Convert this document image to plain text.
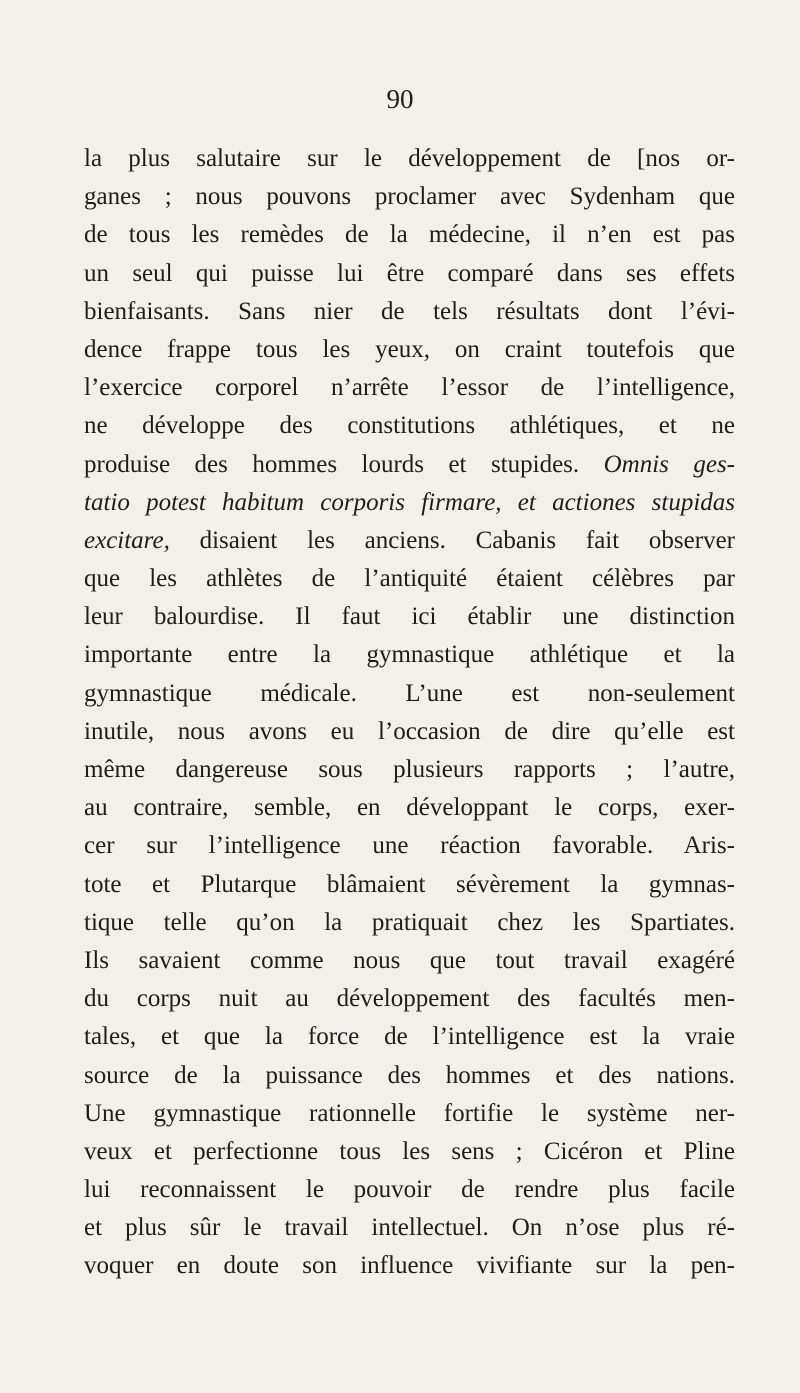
90
la plus salutaire sur le développement de [nos or-
ganes ; nous pouvons proclamer avec Sydenham que
de tous les remèdes de la médecine, il n’en est pas
un seul qui puisse lui être comparé dans ses effets
bienfaisants. Sans nier de tels résultats dont l’évi-
dence frappe tous les yeux, on craint toutefois que
l’exercice corporel n’arrête l’essor de l’intelligence,
ne développe des constitutions athlétiques, et ne
produise des hommes lourds et stupides. Omnis ges-
tatio potest habitum corporis firmare, et actiones stupidas
excitare, disaient les anciens. Cabanis fait observer
que les athlètes de l’antiquité étaient célèbres par
leur balourdise. Il faut ici établir une distinction
importante entre la gymnastique athlétique et la
gymnastique médicale. L’une est non-seulement
inutile, nous avons eu l’occasion de dire qu’elle est
même dangereuse sous plusieurs rapports ; l’autre,
au contraire, semble, en développant le corps, exer-
cer sur l’intelligence une réaction favorable. Aris-
tote et Plutarque blâmaient sévèrement la gymnas-
tique telle qu’on la pratiquait chez les Spartiates.
Ils savaient comme nous que tout travail exagéré
du corps nuit au développement des facultés men-
tales, et que la force de l’intelligence est la vraie
source de la puissance des hommes et des nations.
Une gymnastique rationnelle fortifie le système ner-
veux et perfectionne tous les sens ; Cicéron et Pline
lui reconnaissent le pouvoir de rendre plus facile
et plus sûr le travail intellectuel. On n’ose plus ré-
voquer en doute son influence vivifiante sur la pen-
